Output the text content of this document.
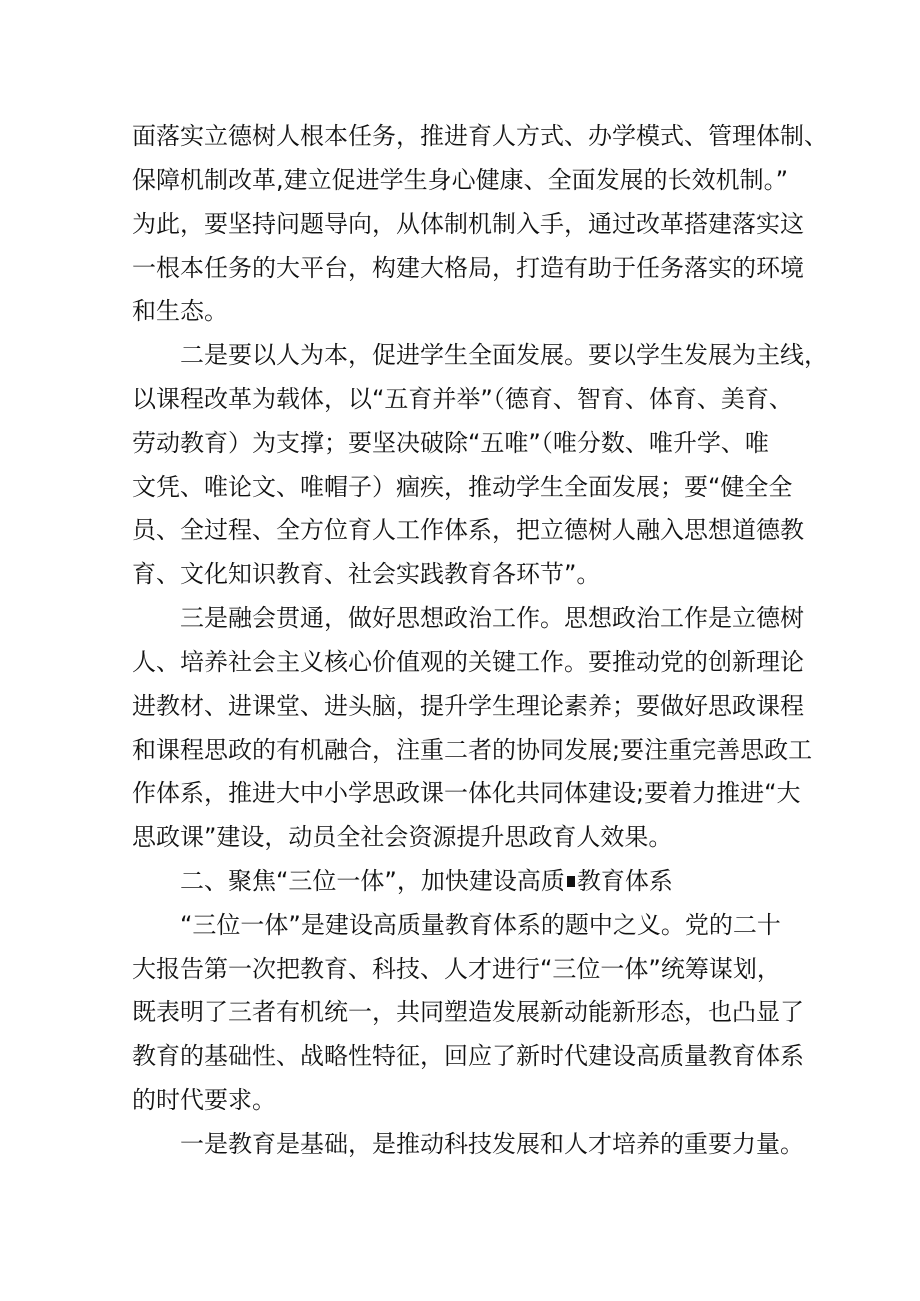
面落实立德树人根本任务，推进育人方式、办学模式、管理体制、
保障机制改革,建立促进学生身心健康、全面发展的长效机制。”
为此，要坚持问题导向，从体制机制入手，通过改革搭建落实这
一根本任务的大平台，构建大格局，打造有助于任务落实的环境
和生态。
二是要以人为本，促进学生全面发展。要以学生发展为主线，
以课程改革为载体，以“五育并举”（德育、智育、体育、美育、
劳动教育）为支撑；要坚决破除“五唯”（唯分数、唯升学、唯
文凭、唯论文、唯帽子）痼疾，推动学生全面发展；要“健全全
员、全过程、全方位育人工作体系，把立德树人融入思想道德教
育、文化知识教育、社会实践教育各环节”。
三是融会贯通，做好思想政治工作。思想政治工作是立德树
人、培养社会主义核心价值观的关键工作。要推动党的创新理论
进教材、进课堂、进头脑，提升学生理论素养；要做好思政课程
和课程思政的有机融合，注重二者的协同发展;要注重完善思政工
作体系，推进大中小学思政课一体化共同体建设;要着力推进“大
思政课”建设，动员全社会资源提升思政育人效果。
二、聚焦“三位一体”，加快建设高质 教育体系
“三位一体”是建设高质量教育体系的题中之义。党的二十
大报告第一次把教育、科技、人才进行“三位一体”统筹谋划，
既表明了三者有机统一，共同塑造发展新动能新形态，也凸显了
教育的基础性、战略性特征，回应了新时代建设高质量教育体系
的时代要求。
一是教育是基础，是推动科技发展和人才培养的重要力量。
